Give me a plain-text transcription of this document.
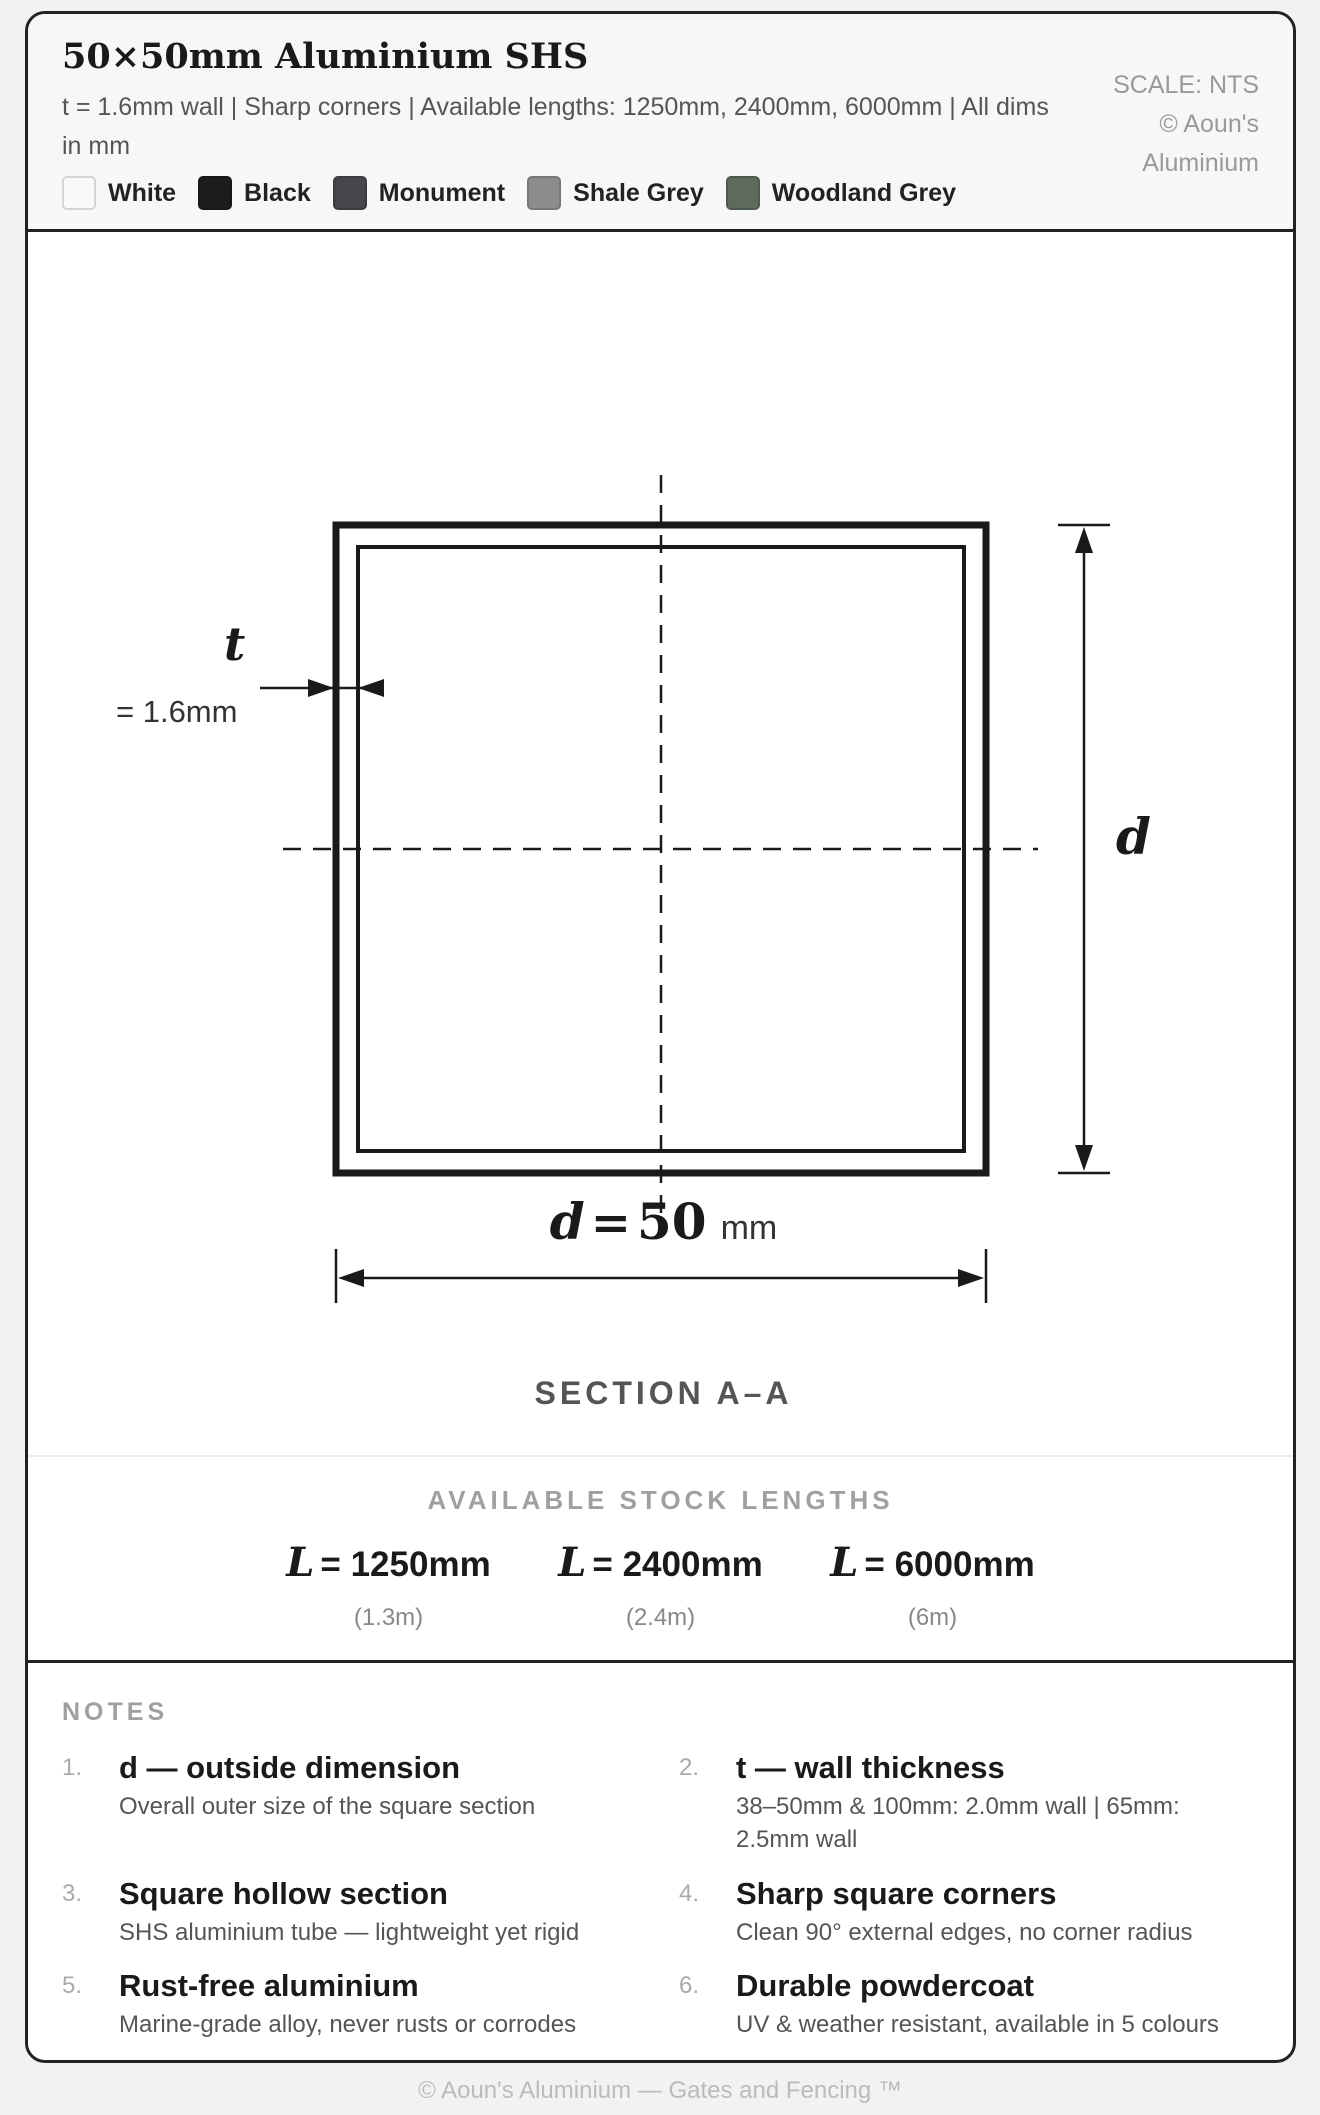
50×50mm Aluminium SHS
t = 1.6mm wall | Sharp corners | Available lengths: 1250mm, 2400mm, 6000mm | All dims in mm
SCALE: NTS
© Aoun's
Aluminium
White	Black	Monument	Shale Grey	Woodland Grey
t
= 1.6mm
d
d = 50 mm
SECTION A–A
AVAILABLE STOCK LENGTHS
L = 1250mm
(1.3m)
L = 2400mm
(2.4m)
L = 6000mm
(6m)
NOTES
1. d — outside dimension
Overall outer size of the square section
2. t — wall thickness
38–50mm & 100mm: 2.0mm wall | 65mm: 2.5mm wall
3. Square hollow section
SHS aluminium tube — lightweight yet rigid
4. Sharp square corners
Clean 90° external edges, no corner radius
5. Rust-free aluminium
Marine-grade alloy, never rusts or corrodes
6. Durable powdercoat
UV & weather resistant, available in 5 colours
© Aoun's Aluminium — Gates and Fencing ™
